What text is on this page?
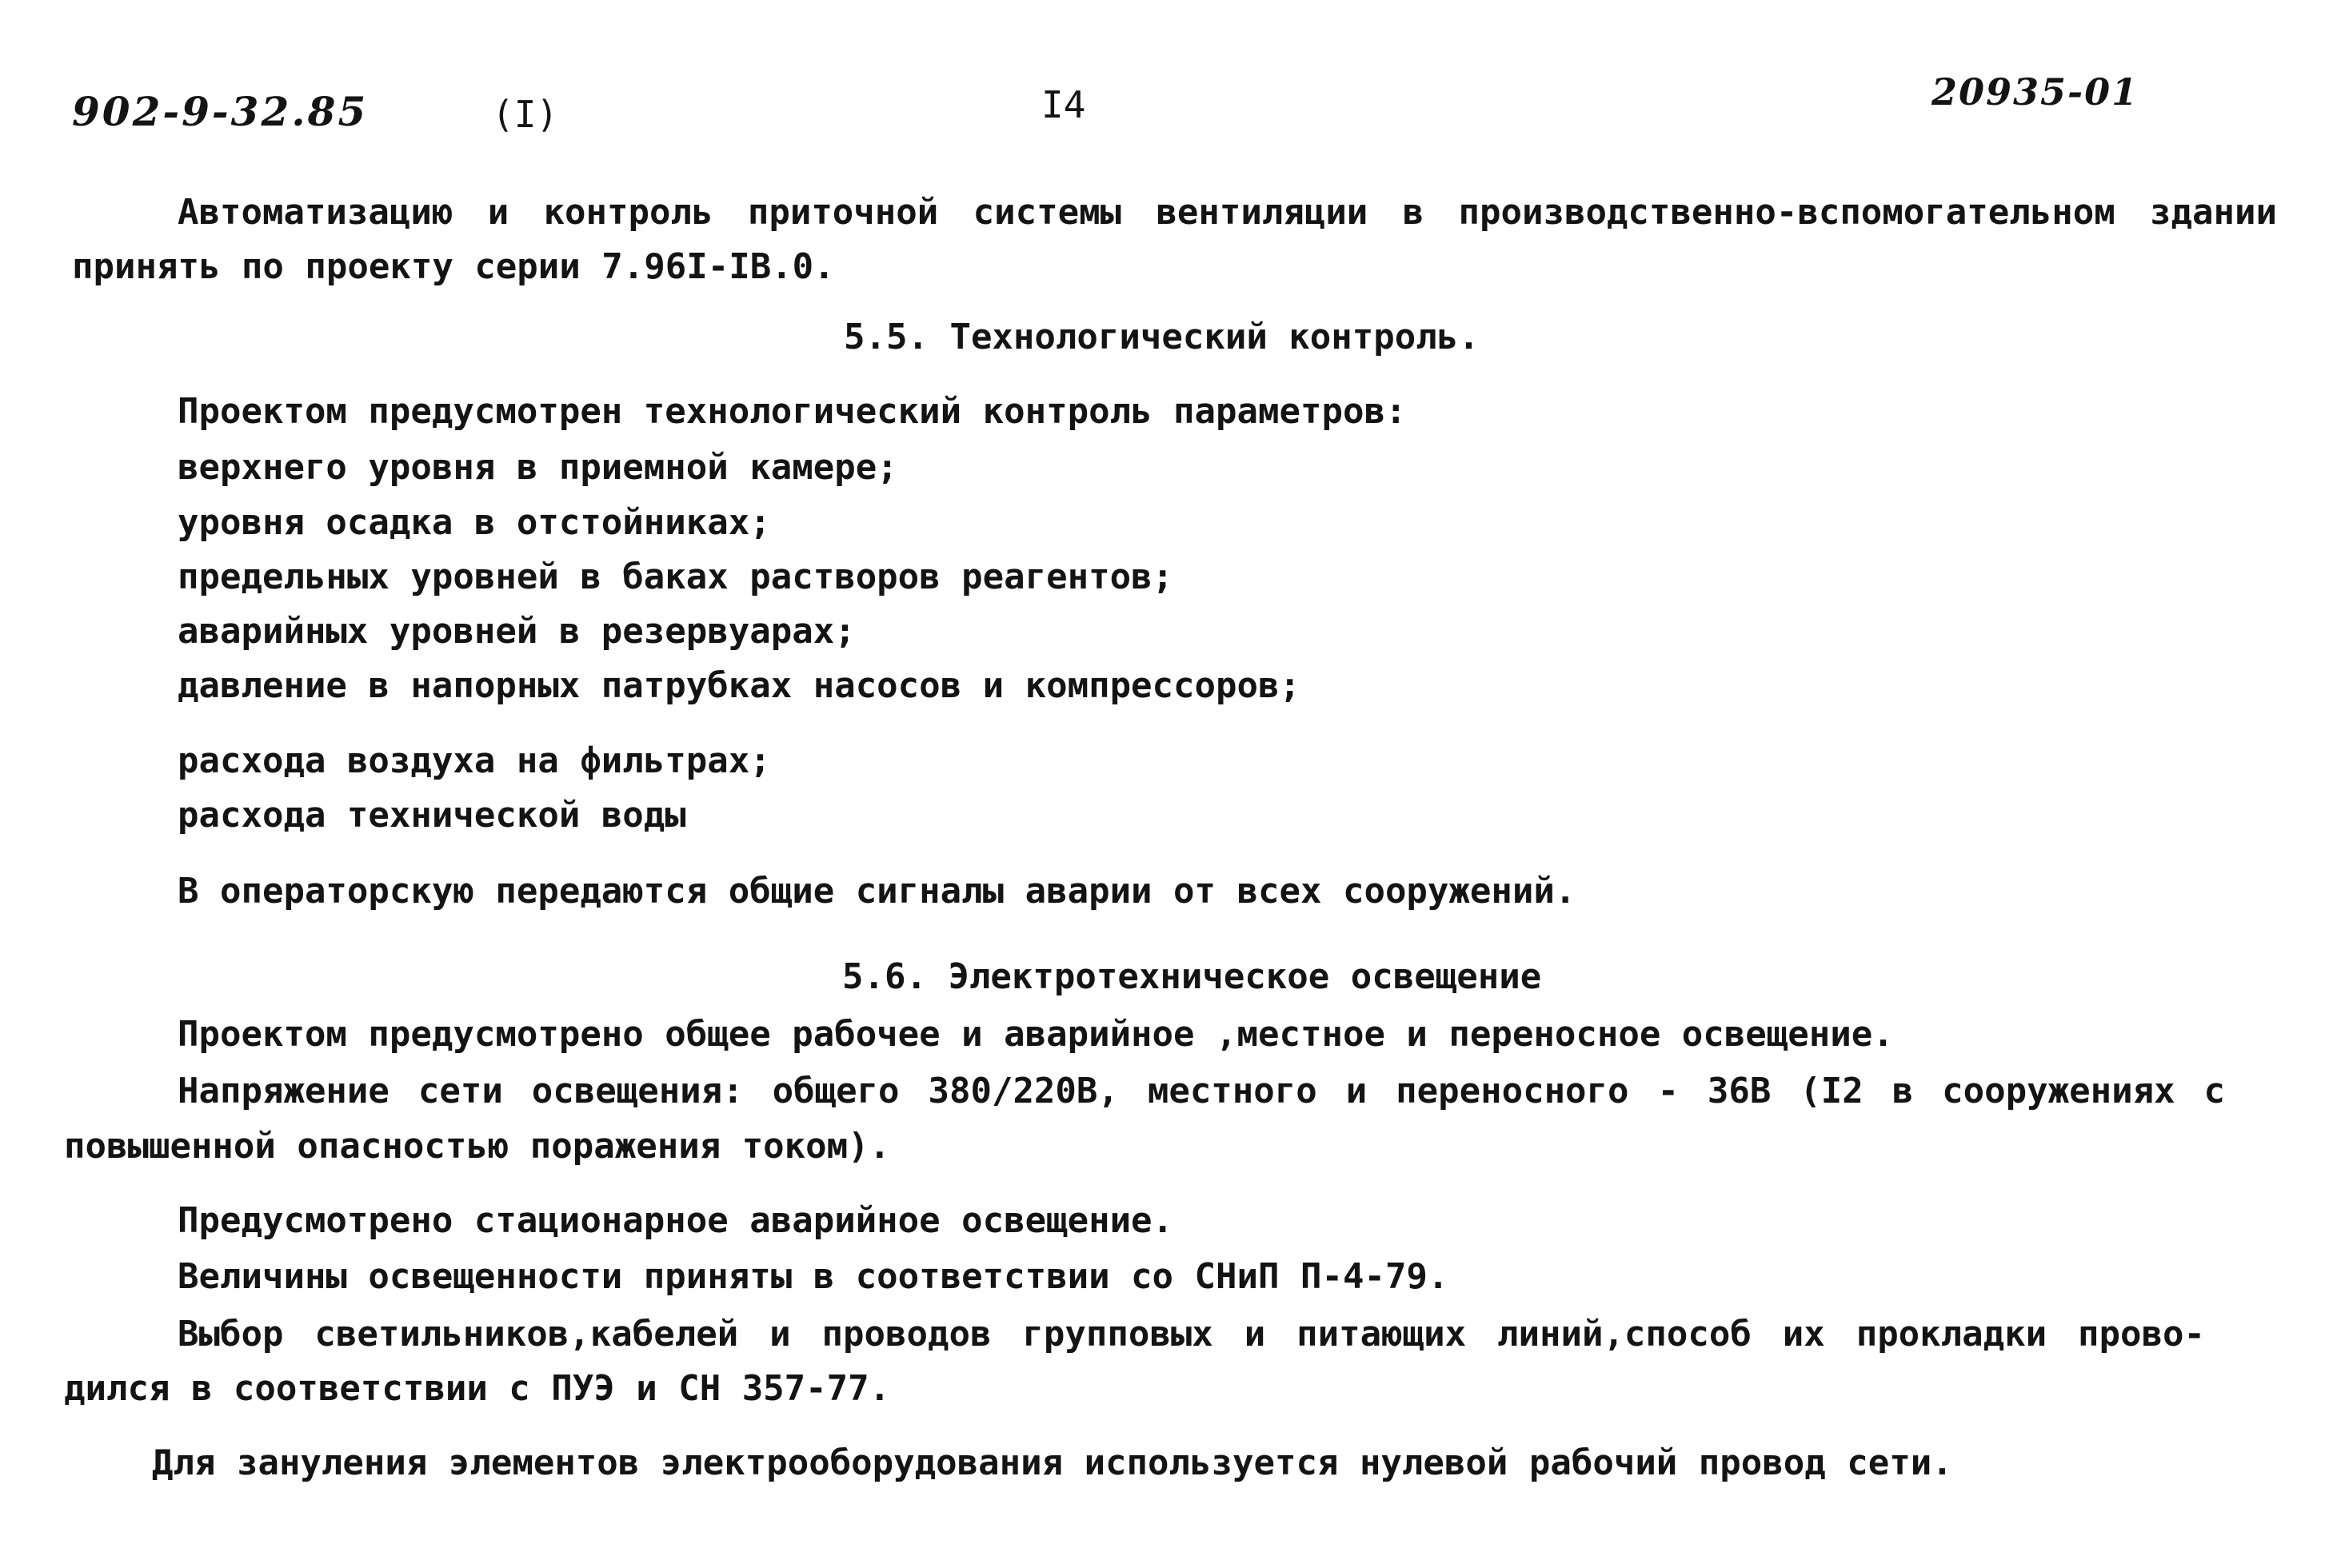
902-9-32.85	(I)	I4	20935-01
Автоматизацию и контроль приточной системы вентиляции в производственно-вспомогательном здании
принять по проекту серии 7.96I-IВ.0.
5.5. Технологический контроль.
Проектом предусмотрен технологический контроль параметров:
верхнего уровня в приемной камере;
уровня осадка в отстойниках;
предельных уровней в баках растворов реагентов;
аварийных уровней в резервуарах;
давление в напорных патрубках насосов и компрессоров;
расхода воздуха на фильтрах;
расхода технической воды
В операторскую передаются общие сигналы аварии от всех сооружений.
5.6. Электротехническое освещение
Проектом предусмотрено общее рабочее и аварийное ,местное и переносное освещение.
Напряжение сети освещения: общего 380/220В, местного и переносного - 36В (I2 в сооружениях с
повышенной опасностью поражения током).
Предусмотрено стационарное аварийное освещение.
Величины освещенности приняты в соответствии со СНиП П-4-79.
Выбор светильников,кабелей и проводов групповых и питающих линий,способ их прокладки прово-
дился в соответствии с ПУЭ и СН 357-77.
Для зануления элементов электрооборудования используется нулевой рабочий провод сети.
